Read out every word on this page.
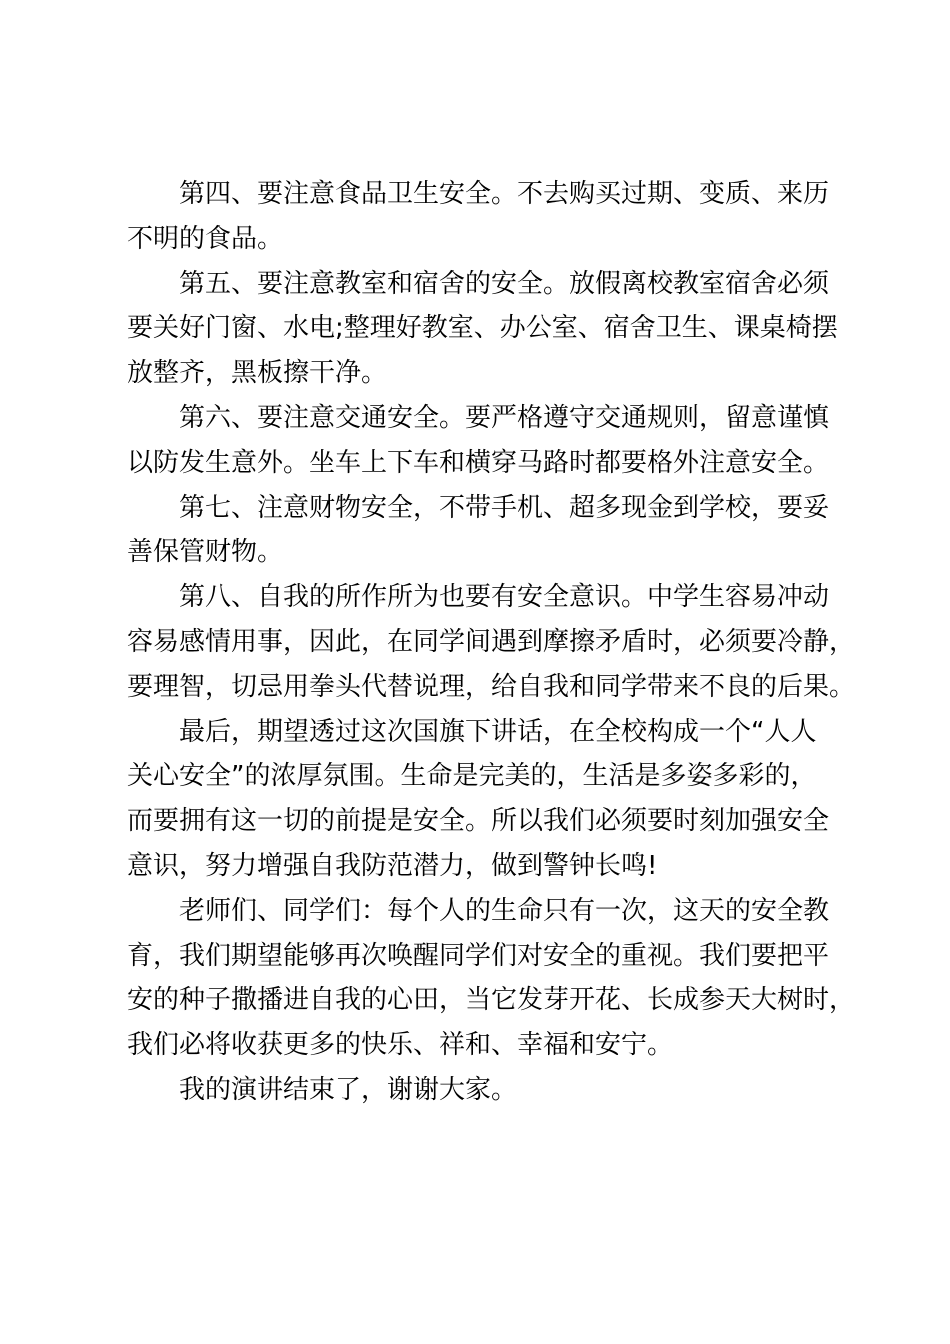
第四、要注意食品卫生安全。不去购买过期、变质、来历
不明的食品。
第五、要注意教室和宿舍的安全。放假离校教室宿舍必须
要关好门窗、水电;整理好教室、办公室、宿舍卫生、课桌椅摆
放整齐，黑板擦干净。
第六、要注意交通安全。要严格遵守交通规则，留意谨慎
以防发生意外。坐车上下车和横穿马路时都要格外注意安全。
第七、注意财物安全，不带手机、超多现金到学校，要妥
善保管财物。
第八、自我的所作所为也要有安全意识。中学生容易冲动
容易感情用事，因此，在同学间遇到摩擦矛盾时，必须要冷静，
要理智，切忌用拳头代替说理，给自我和同学带来不良的后果。
最后，期望透过这次国旗下讲话，在全校构成一个“人人
关心安全”的浓厚氛围。生命是完美的，生活是多姿多彩的，
而要拥有这一切的前提是安全。所以我们必须要时刻加强安全
意识，努力增强自我防范潜力，做到警钟长鸣!
老师们、同学们：每个人的生命只有一次，这天的安全教
育，我们期望能够再次唤醒同学们对安全的重视。我们要把平
安的种子撒播进自我的心田，当它发芽开花、长成参天大树时，
我们必将收获更多的快乐、祥和、幸福和安宁。
我的演讲结束了，谢谢大家。
